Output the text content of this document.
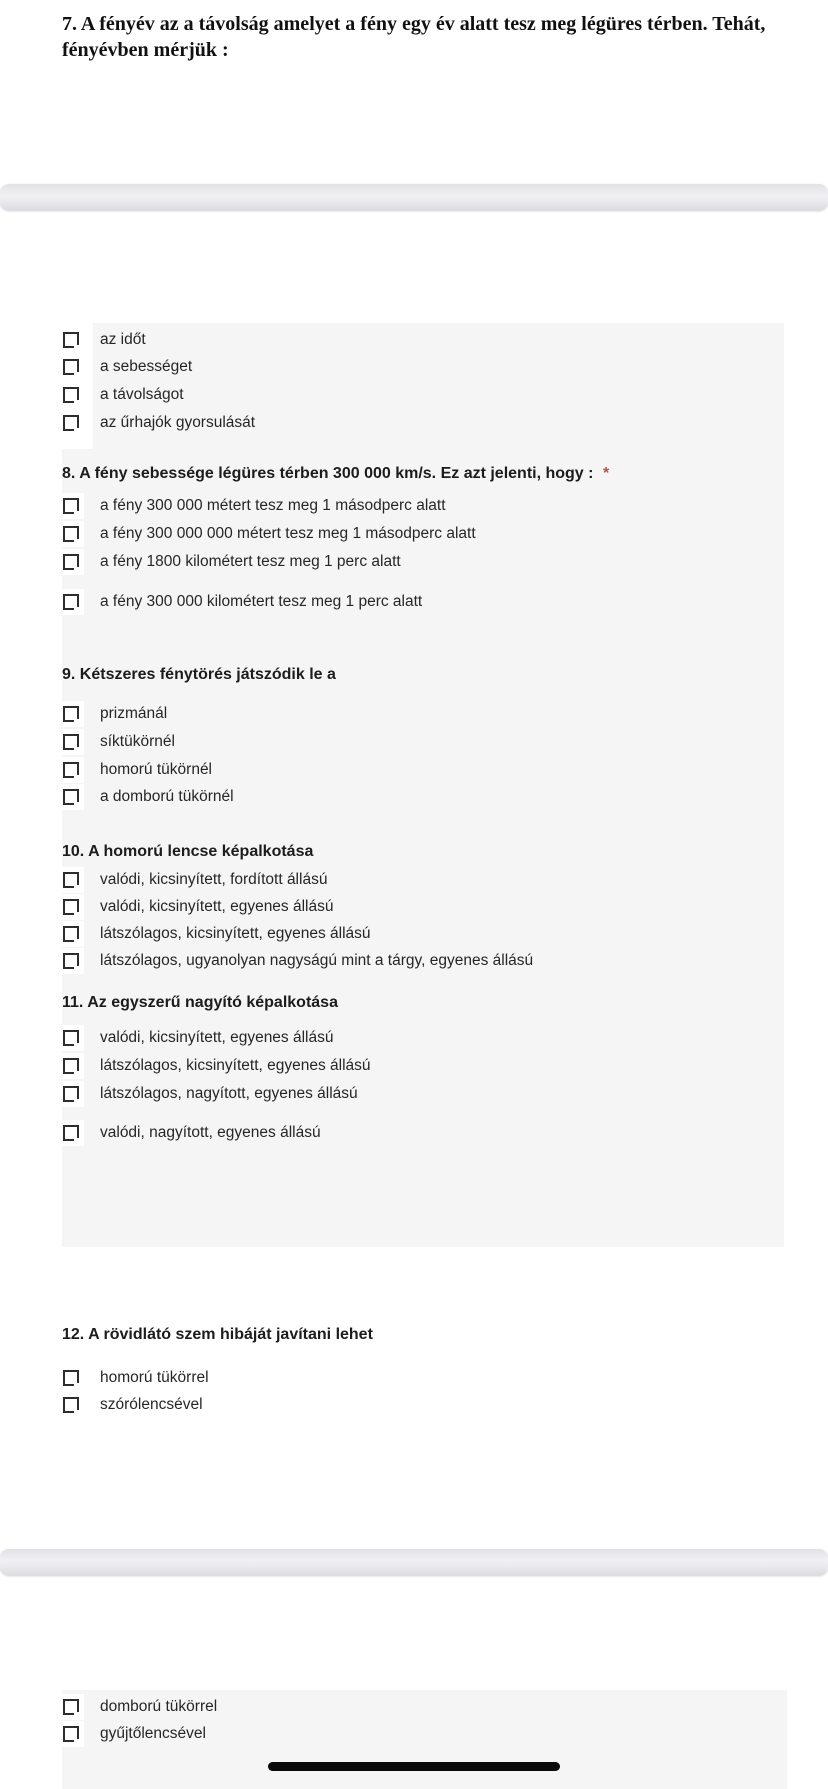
7. A fényév az a távolság amelyet a fény egy év alatt tesz meg légüres térben. Tehát,
fényévben mérjük :
az időt
a sebességet
a távolságot
az űrhajók gyorsulását
8. A fény sebessége légüres térben 300 000 km/s. Ez azt jelenti, hogy : *
a fény 300 000 métert tesz meg 1 másodperc alatt
a fény 300 000 000 métert tesz meg 1 másodperc alatt
a fény 1800 kilométert tesz meg 1 perc alatt
a fény 300 000 kilométert tesz meg 1 perc alatt
9. Kétszeres fénytörés játszódik le a
prizmánál
síktükörnél
homorú tükörnél
a domború tükörnél
10. A homorú lencse képalkotása
valódi, kicsinyített, fordított állású
valódi, kicsinyített, egyenes állású
látszólagos, kicsinyített, egyenes állású
látszólagos, ugyanolyan nagyságú mint a tárgy, egyenes állású
11. Az egyszerű nagyító képalkotása
valódi, kicsinyített, egyenes állású
látszólagos, kicsinyített, egyenes állású
látszólagos, nagyított, egyenes állású
valódi, nagyított, egyenes állású
12. A rövidlátó szem hibáját javítani lehet
homorú tükörrel
szórólencsével
domború tükörrel
gyűjtőlencsével
